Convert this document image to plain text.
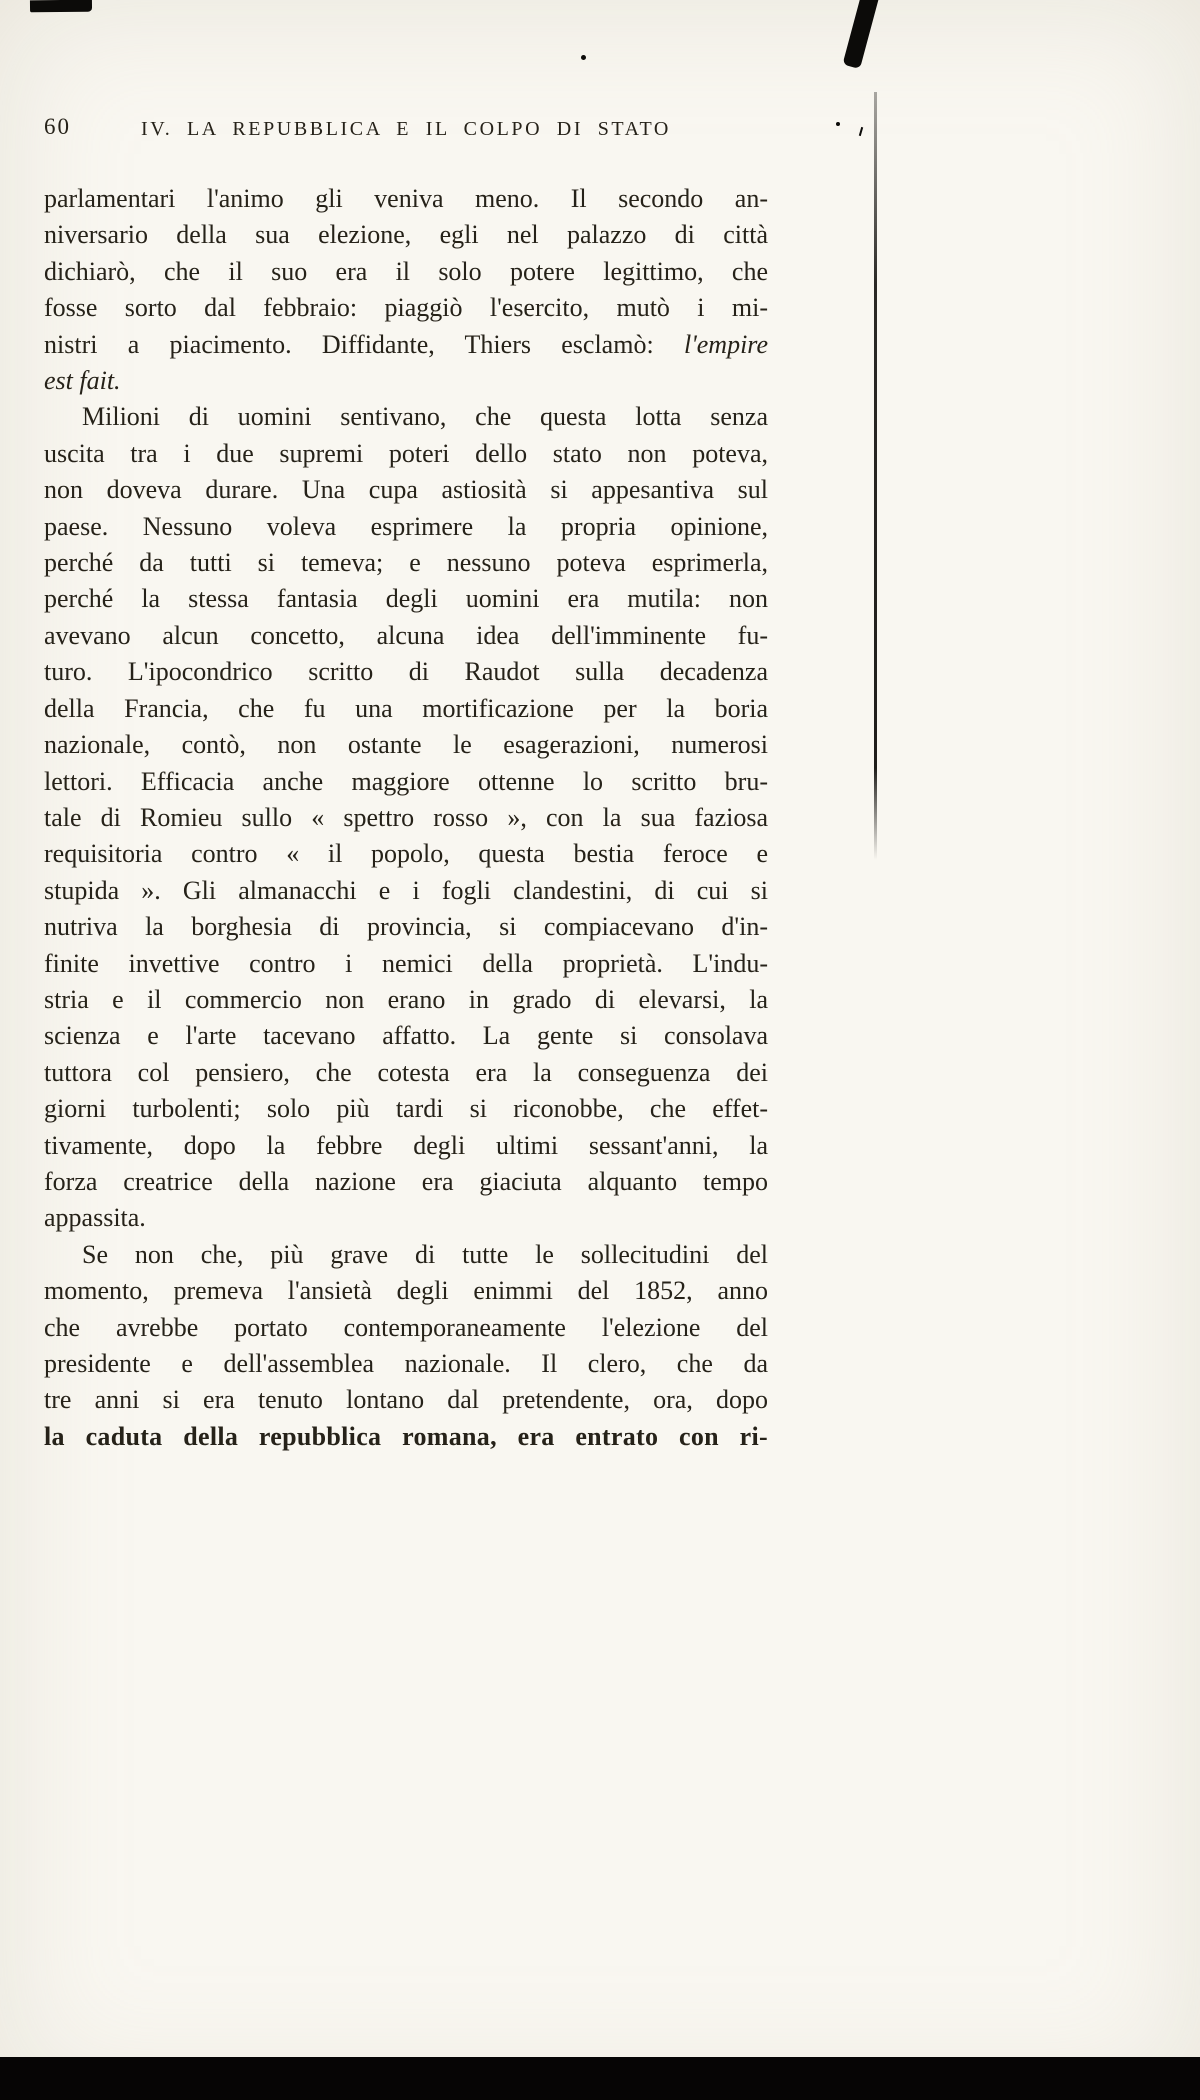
60	IV. LA REPUBBLICA E IL COLPO DI STATO
parlamentari l'animo gli veniva meno. Il secondo an-
niversario della sua elezione, egli nel palazzo di città
dichiarò, che il suo era il solo potere legittimo, che
fosse sorto dal febbraio: piaggiò l'esercito, mutò i mi-
nistri a piacimento. Diffidante, Thiers esclamò: l'empire
est fait.
Milioni di uomini sentivano, che questa lotta senza
uscita tra i due supremi poteri dello stato non poteva,
non doveva durare. Una cupa astiosità si appesantiva sul
paese. Nessuno voleva esprimere la propria opinione,
perché da tutti si temeva; e nessuno poteva esprimerla,
perché la stessa fantasia degli uomini era mutila: non
avevano alcun concetto, alcuna idea dell'imminente fu-
turo. L'ipocondrico scritto di Raudot sulla decadenza
della Francia, che fu una mortificazione per la boria
nazionale, contò, non ostante le esagerazioni, numerosi
lettori. Efficacia anche maggiore ottenne lo scritto bru-
tale di Romieu sullo « spettro rosso », con la sua faziosa
requisitoria contro « il popolo, questa bestia feroce e
stupida ». Gli almanacchi e i fogli clandestini, di cui si
nutriva la borghesia di provincia, si compiacevano d'in-
finite invettive contro i nemici della proprietà. L'indu-
stria e il commercio non erano in grado di elevarsi, la
scienza e l'arte tacevano affatto. La gente si consolava
tuttora col pensiero, che cotesta era la conseguenza dei
giorni turbolenti; solo più tardi si riconobbe, che effet-
tivamente, dopo la febbre degli ultimi sessant'anni, la
forza creatrice della nazione era giaciuta alquanto tempo
appassita.
Se non che, più grave di tutte le sollecitudini del
momento, premeva l'ansietà degli enimmi del 1852, anno
che avrebbe portato contemporaneamente l'elezione del
presidente e dell'assemblea nazionale. Il clero, che da
tre anni si era tenuto lontano dal pretendente, ora, dopo
la caduta della repubblica romana, era entrato con ri-
